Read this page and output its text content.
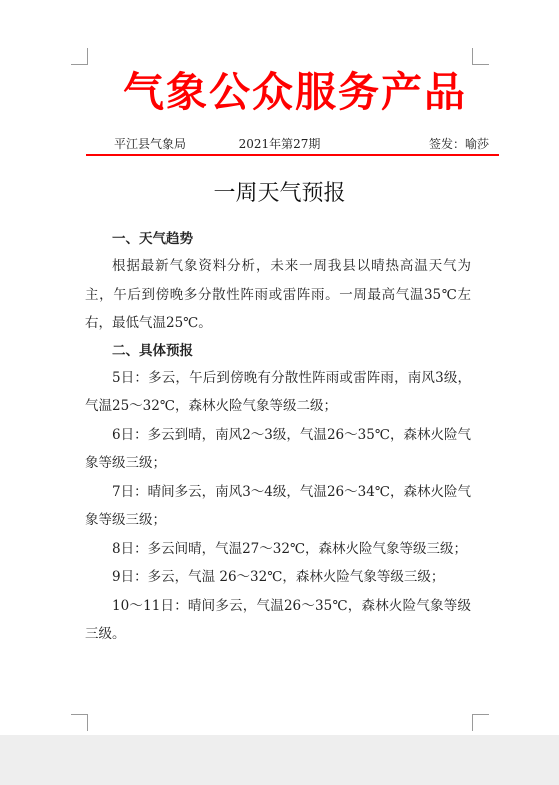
气象公众服务产品
平江县气象局	2021年第27期	签发：喻莎
一周天气预报
一、天气趋势

根据最新气象资料分析，未来一周我县以晴热高温天气为主，午后到傍晚多分散性阵雨或雷阵雨。一周最高气温35℃左右，最低气温25℃。

二、具体预报

5日：多云，午后到傍晚有分散性阵雨或雷阵雨，南风3级，气温25～32℃，森林火险气象等级二级；

6日：多云到晴，南风2～3级，气温26～35℃，森林火险气象等级三级；

7日：晴间多云，南风3～4级，气温26～34℃，森林火险气象等级三级；

8日：多云间晴，气温27～32℃，森林火险气象等级三级；

9日：多云，气温 26～32℃，森林火险气象等级三级；

10～11日：晴间多云，气温26～35℃，森林火险气象等级三级。
